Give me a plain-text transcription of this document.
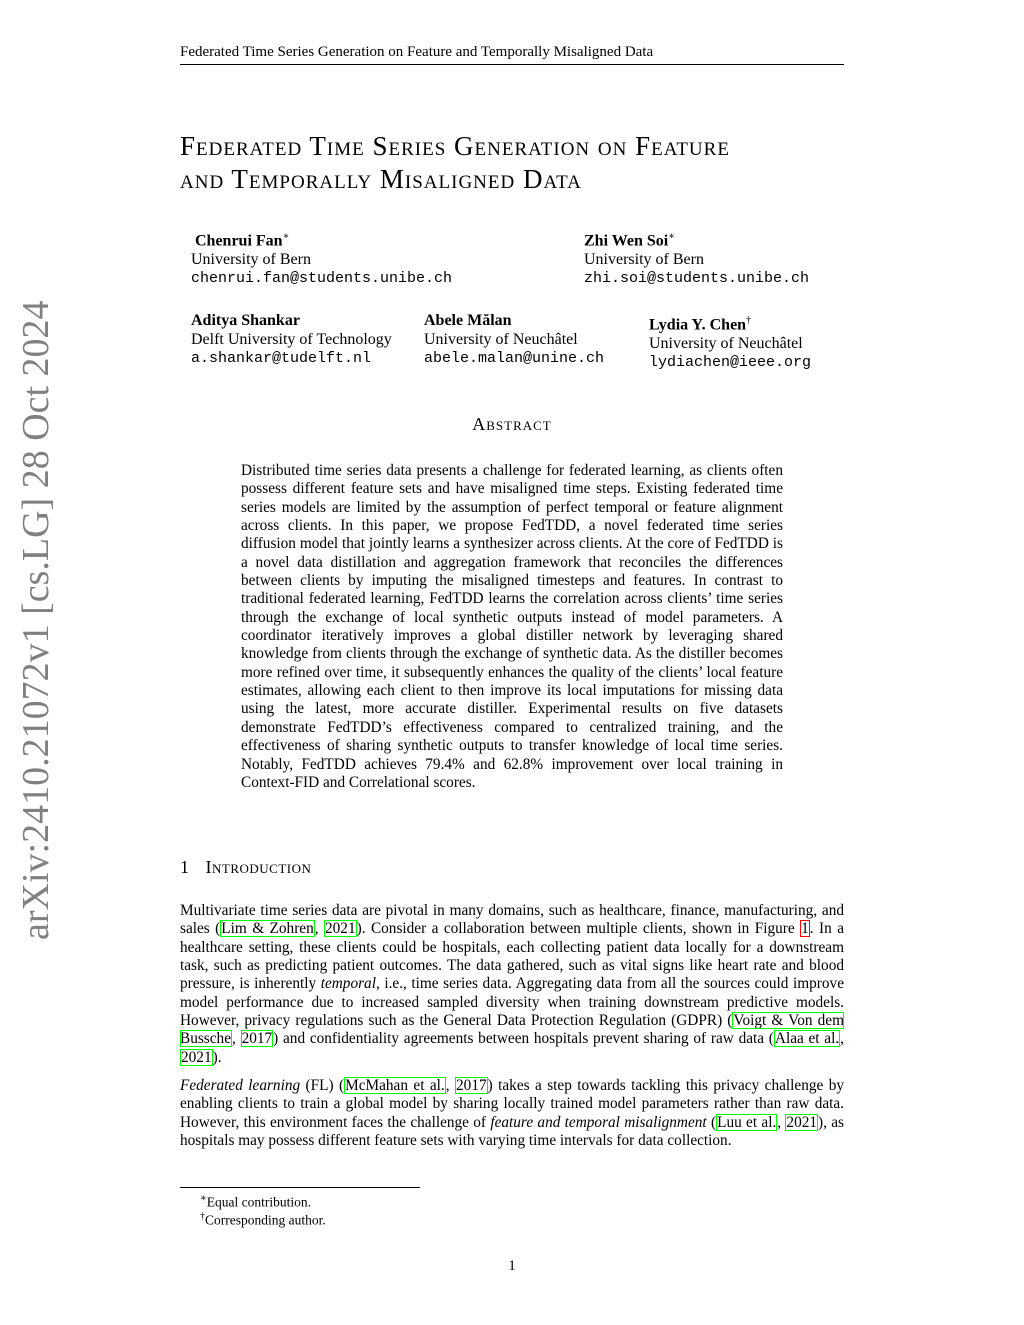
Federated Time Series Generation on Feature and Temporally Misaligned Data
arXiv:2410.21072v1 [cs.LG] 28 Oct 2024
Federated Time Series Generation on Feature
and Temporally Misaligned Data
Chenrui Fan∗
University of Bern
chenrui.fan@students.unibe.ch
Zhi Wen Soi∗
University of Bern
zhi.soi@students.unibe.ch
Aditya Shankar
Delft University of Technology
a.shankar@tudelft.nl
Abele Mălan
University of Neuchâtel
abele.malan@unine.ch
Lydia Y. Chen†
University of Neuchâtel
lydiachen@ieee.org
Abstract
Distributed time series data presents a challenge for federated learning, as clients often possess different feature sets and have misaligned time steps. Existing federated time series models are limited by the assumption of perfect temporal or feature alignment across clients. In this paper, we propose FedTDD, a novel federated time series diffusion model that jointly learns a synthesizer across clients. At the core of FedTDD is a novel data distillation and aggregation framework that reconciles the differences between clients by imputing the misaligned timesteps and features. In contrast to traditional federated learning, FedTDD learns the correlation across clients’ time series through the exchange of local synthetic outputs instead of model parameters. A coordinator iteratively improves a global distiller network by leveraging shared knowledge from clients through the exchange of synthetic data. As the distiller becomes more refined over time, it subsequently enhances the quality of the clients’ local feature estimates, allowing each client to then improve its local imputations for missing data using the latest, more accurate distiller. Experimental results on five datasets demonstrate FedTDD’s effectiveness compared to centralized training, and the effectiveness of sharing synthetic outputs to transfer knowledge of local time series. Notably, FedTDD achieves 79.4% and 62.8% improvement over local training in Context-FID and Correlational scores.
1 Introduction
Multivariate time series data are pivotal in many domains, such as healthcare, finance, manufacturing, and sales (Lim & Zohren, 2021). Consider a collaboration between multiple clients, shown in Figure 1. In a healthcare setting, these clients could be hospitals, each collecting patient data locally for a downstream task, such as predicting patient outcomes. The data gathered, such as vital signs like heart rate and blood pressure, is inherently temporal, i.e., time series data. Aggregating data from all the sources could improve model performance due to increased sampled diversity when training downstream predictive models. However, privacy regulations such as the General Data Protection Regulation (GDPR) (Voigt & Von dem Bussche, 2017) and confidentiality agreements between hospitals prevent sharing of raw data (Alaa et al., 2021).
Federated learning (FL) (McMahan et al., 2017) takes a step towards tackling this privacy challenge by enabling clients to train a global model by sharing locally trained model parameters rather than raw data. However, this environment faces the challenge of feature and temporal misalignment (Luu et al., 2021), as hospitals may possess different feature sets with varying time intervals for data collection.
∗Equal contribution.
†Corresponding author.
1
